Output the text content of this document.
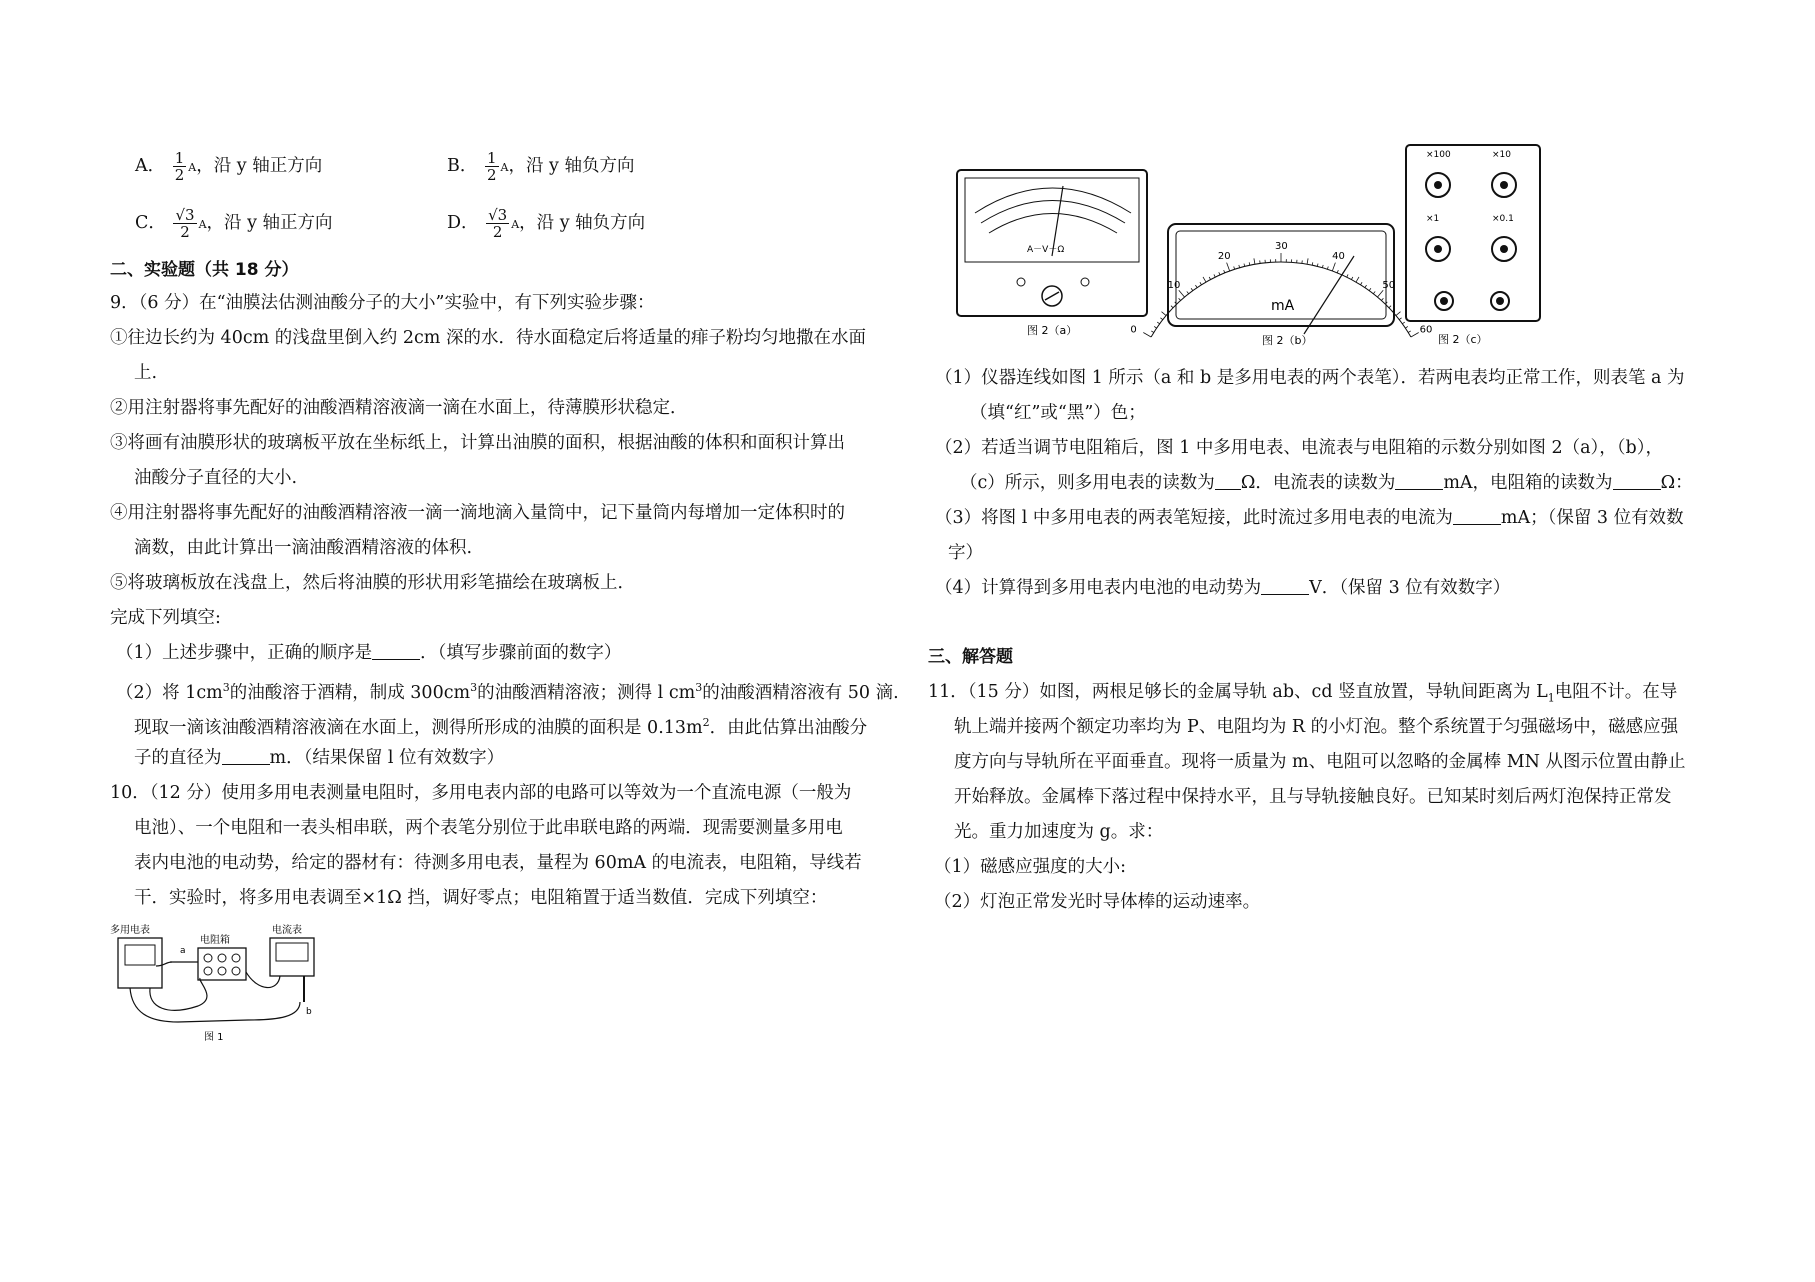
A． $\frac{1}{2}$ A，沿 y 轴正方向	B． $\frac{1}{2}$ A，沿 y 轴负方向
C． $\frac{√3}{2}$ A，沿 y 轴正方向	D． $\frac{√3}{2}$ A，沿 y 轴负方向
二、实验题（共 18 分）
9．（6 分）在“油膜法估测油酸分子的大小”实验中，有下列实验步骤：
①往边长约为 40cm 的浅盘里倒入约 2cm 深的水．待水面稳定后将适量的痱子粉均匀地撒在水面
上.
②用注射器将事先配好的油酸酒精溶液滴一滴在水面上，待薄膜形状稳定．
③将画有油膜形状的玻璃板平放在坐标纸上，计算出油膜的面积，根据油酸的体积和面积计算出
油酸分子直径的大小.
④用注射器将事先配好的油酸酒精溶液一滴一滴地滴入量筒中，记下量筒内每增加一定体积时的
滴数，由此计算出一滴油酸酒精溶液的体积.
⑤将玻璃板放在浅盘上，然后将油膜的形状用彩笔描绘在玻璃板上．
完成下列填空:
（1）上述步骤中，正确的顺序是	．（填写步骤前面的数字）
（2）将 $1cm^3$的油酸溶于酒精，制成 $300cm^3$的油酸酒精溶液；测得 l $cm^3$的油酸酒精溶液有 50 滴.
现取一滴该油酸酒精溶液滴在水面上，测得所形成的油膜的面积是 $0.13m^2$．由此估算出油酸分
子的直径为	m．（结果保留 l 位有效数字）
10．（12 分）使用多用电表测量电阻时，多用电表内部的电路可以等效为一个直流电源（一般为
电池）、一个电阻和一表头相串联，两个表笔分别位于此串联电路的两端．现需要测量多用电
表内电池的电动势，给定的器材有：待测多用电表，量程为 60mA 的电流表，电阻箱，导线若
干．实验时，将多用电表调至×1Ω 挡，调好零点；电阻箱置于适当数值．完成下列填空：
多用电表
电阻箱
电流表
a
b
图 1
A－V－Ω
图 2（a）	0
10
20
30
40
50
60
mA
图 2（b）
×100	×10
×1	×0.1
图 2（c）
（1）仪器连线如图 1 所示（a 和 b 是多用电表的两个表笔）．若两电表均正常工作，则表笔 a 为
（填“红”或“黑”）色；
（2）若适当调节电阻箱后，图 1 中多用电表、电流表与电阻箱的示数分别如图 2（a），（b），
（c）所示，则多用电表的读数为 Ω．电流表的读数为	mA，电阻箱的读数为	Ω：
（3）将图 l 中多用电表的两表笔短接，此时流过多用电表的电流为	mA；（保留 3 位有效数
字）
（4）计算得到多用电表内电池的电动势为	V．（保留 3 位有效数字）
三、解答题
11．（15 分）如图，两根足够长的金属导轨 ab、cd 竖直放置，导轨间距离为 $L_1$电阻不计。在导
轨上端并接两个额定功率均为 P、电阻均为 R 的小灯泡。整个系统置于匀强磁场中，磁感应强
度方向与导轨所在平面垂直。现将一质量为 m、电阻可以忽略的金属棒 MN 从图示位置由静止
开始释放。金属棒下落过程中保持水平，且与导轨接触良好。已知某时刻后两灯泡保持正常发
光。重力加速度为 g。求：
（1）磁感应强度的大小:
（2）灯泡正常发光时导体棒的运动速率。
